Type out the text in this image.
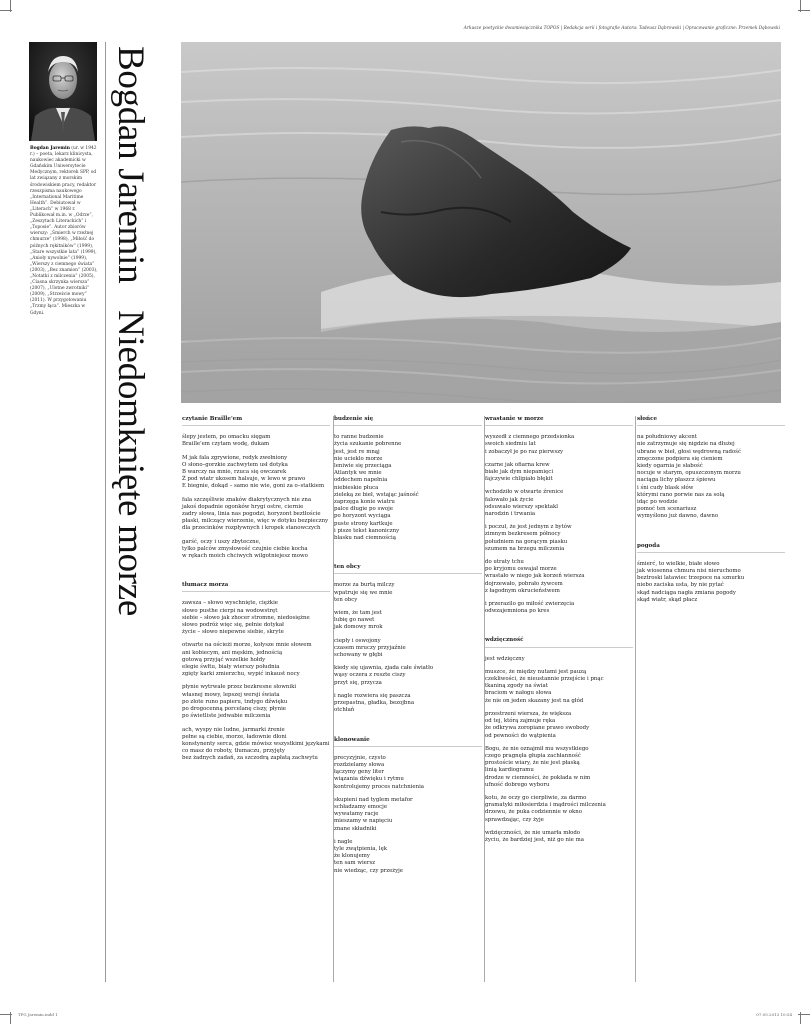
Arkusze poetyckie dwumiesięcznika TOPOS | Redakcja serii i fotografie Autora: Tadeusz Dąbrowski | Opracowanie graficzne: Przemek Dębowski
Bogdan Jaremin (ur. w 1942 r.) – poeta, lekarz klinicysta, naukowiec akademicki w Gdańskim Uniwersytecie Medycznym, rektorek SPP, od lat związany z morskim środowiskiem pracy, redaktor rzeszpisma naukowego „International Maritime Health”. Debiutował w „Literach” w 1968 r. Publikował m.in. w „Odrze”, „Zeszytach Literackich” i „Toposie”. Autor zbiorów wierszy: „Śmierch w rzeźnej chmurze” (1998), „Miłość do późnych rękitników” (1999), „Stare wszystkie lata” (1999), „Anioły nywolnie” (1999), „Wierszy z ciemnego świata” (2003), „Bez znamion” (2003), „Notatki z milczenia” (2005), „Ciasna skrzynka wiersza” (2007), „Ulotne zwrotniki” (2009), „Strzeżcie mowy” (2011). W przygotowaniu „Trzmy łąca”. Mieszka w Gdyni.
Bogdan Jaremin   Niedomknięte morze	czytanie Braille'em

ślepy jestem, po omacku sięgam
Braille'em czytam wodę, dukam

M jak fala zgrywione, redyk zwełniony
O słono–gorzkie zachwytem usł dotyka
B warczy na mnie, rzuca się owczarek
Ż pod wiatr ukosem halsuje, w lewo w prawo
E biegnie, dokąd – samo nie wie, goni za o–statkiem

fala szczęśliwie znaków diakrytycznych nie zna
jakoś dopadnie ogonków hrygi ostre, ciernie
zadry słowa, linia nas pogodzi, horyzont beztłoście
płaski, milczący wierzenie, więc w dotyku bezpieczny
dla przecinków rozpływnych i kropek stanowczych

garść, oczy i uszy zbyteczne,
tylko palców zmysłowość czujnie ciebie kocha
w rękach moich chciwych wilgotniejesz mowo

tłumacz morza

zawsza – słowo wyschnięte, ciężkie
słowo pusthe cierpi na wodowstręt
siebie – słowo jak zhocer stromne, niedosiężne
słowo podróż więc się, pełnie dotykał
życie – słowo niepewne siebie, skryte

otwarte na ościeżi morze, kołysze mnie słowem
ani kobiecym, ani męskim, jednością
gotową przyjąć wszelkie hołdy
elegie śwłtu, biały wierszy południa
zgięty karki zmierzchu, wypić inkaust nocy

płynie wytrwałe przez bezkresne słowniki
własnej mowy, lepszej wersji świata
po złote runo papieru, tndygo dźwięku
po drogocenną porcelanę ciszy, płynie
po świetliste jedwabie milczenia

ach, wyspy nie ludne, jarmarki żrenie
pełne są ciebie, morze, ładownie dłoni
konstynenty serca, gdzie mówisz wszystkimi językami
co masz do roboty, tłumaczu, przyjęty
bez żadnych zadań, za szczodrą zapłatą zachwytu

budzenie się

to ranne budzenie
życia szukanie pobrenne
jest, jest re mnąj
nie ucieklo morze
leniwie się przeciąga
Atlantyk we mnie
oddechem napełnia
niebieskie płuca
zieleką ze bieł, wstając jaśność
zaprzęga konie wiatru
palce długie po swoje
po horyzont wyciąga
puste strony kartkuje
i pisze tekst kanoniczny
blasku nad ciemnością

ten obcy

morze za burtą milczy
wpatruje się we mnie
ten obcy

wiem, że tam jest
lubię go nawet
jak domowy mrok

ciepły i oswojony
czasem mruczy przyjaźnie
schowany w głębi

kiedy się ujawnia, zjada całe światło
wąsy oczera z reszte ciszy
przyt się, przycza

i nagle rozwiera się paszcza
przepastna, gładka, bezojbna
otchłań

klonowanie

precyzyjnie, czysto
rozdzielamy słowa
łączymy geny liter
wiązania dźwięku i rytmu
kontrolujemy proces natchnienia

skupieni nad tyglem metafor
schładzamy emocje
wywatamy racje
mieszamy w napięciu
znane składniki

i nagle
tyle zwątpienia, lęk
że klonujemy
ten sam wiersz
nie wiedząc, czy przeżyje

wrastanie w morze

wyszedł z ciemnego przedsionka
swoich siedmiu lat
i zobaczył je po raz pierwszy

czarne jak ofiarna krew
białe jak dym niepamięci
fajczywie chlipiało błękit

wchodziło w otwarte źrenice
falowało jak życie
odsuwało wierszy spektakl
narodzin i trwania

i poczuł, że jest jednym z bytów
zimnym bezkresem północy
południem na gorącym piasku
szumem na brzegu milczenia

do utraty tchu
po kryjomu oswajał morze
wrastało w niego jak korzeń wiersza
dojrzewało, pobrało żywcem
z łagodnym okrucieństwem

i przerazilo go miłość zwierzęcia
odwzajemniona po kres

wdzięczność

jest wdzięczny

muszce, że między nutami jest pauzą
czekliwości, że nieustannie przejście i pnąc
tkaniną zgody na świat
braciom w nałogu słowa
że nie on jeden skazany jest na głód

przestrzeni wiersza, że większa
od tej, którą zajmuje ręka
że odkrywa zoropiane prawo swobody
od pewności do wątpienia

Bogu, że nie oznajmił mu wszystkiego
czego pragnęła głupia zachłanność
prostoście wiary, że nie jest płaską
linią kardiogramu
drodze w ciemności, że pokłada w nim
ufność dobrego wyboru

kotu, że oczy go cierpliwie, za darmo
gramatyki miłosierdzia i mądrości milczenia
drzewu, że puka codziennie w okno
sprawdzając, czy żyje

wdzięczności, że nie umarła młodo
życiu, że bardziej jest, niż go nie ma

słońce

na południowy akcent
nie zatrzymuje się nigdzie na dłużej
ubrane w bieł, głosi wędrowną radość
zmęczone podpiera się cieniem
kiedy ogarnia je słabość
nocuje w starym, opuszczonym morzu
naciąga lichy płaszcz śpiewu
i śni cudy blask słów
którymi rano porwie nas za solą
idąc po wodzie
pomoć ten scenariusz
wymyślono już dawno, dawno

pogoda

śmierć, to wielkie, białe słowo
jak wiosenna chmura nisi nieruchomo
beztroski latawiec trzepoce na sznurku
niebo zaciska usta, by nie pytać
skąd nadciąga nagła zmiana pogody
skąd wiatr, skąd płacz

TPG Jaremin.indd 1	07.05.2013 10:54
